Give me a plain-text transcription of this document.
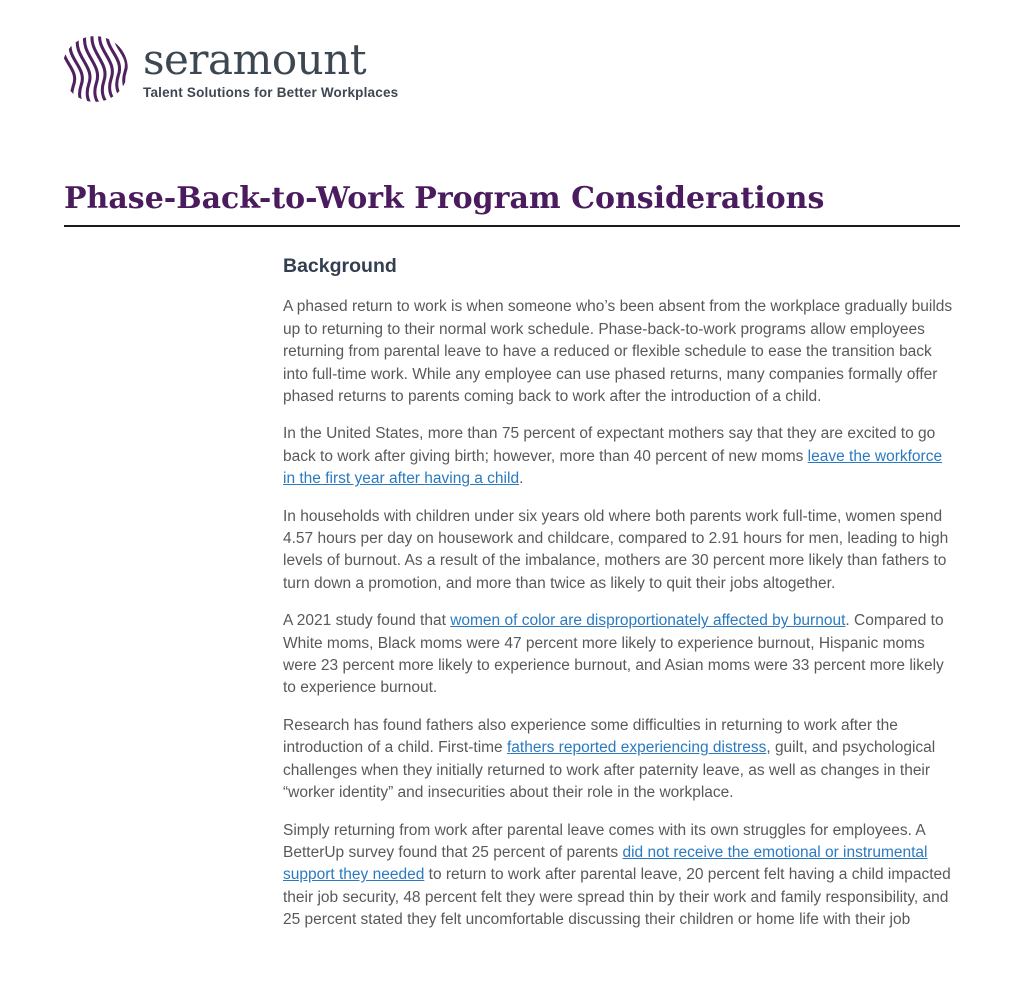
seramount
Talent Solutions for Better Workplaces
Phase-Back-to-Work Program Considerations
Background

A phased return to work is when someone who’s been absent from the workplace gradually builds up to returning to their normal work schedule. Phase-back-to-work programs allow employees returning from parental leave to have a reduced or flexible schedule to ease the transition back into full-time work. While any employee can use phased returns, many companies formally offer phased returns to parents coming back to work after the introduction of a child.

In the United States, more than 75 percent of expectant mothers say that they are excited to go back to work after giving birth; however, more than 40 percent of new moms leave the workforce in the first year after having a child.

In households with children under six years old where both parents work full-time, women spend 4.57 hours per day on housework and childcare, compared to 2.91 hours for men, leading to high levels of burnout. As a result of the imbalance, mothers are 30 percent more likely than fathers to turn down a promotion, and more than twice as likely to quit their jobs altogether.

A 2021 study found that women of color are disproportionately affected by burnout. Compared to White moms, Black moms were 47 percent more likely to experience burnout, Hispanic moms were 23 percent more likely to experience burnout, and Asian moms were 33 percent more likely to experience burnout.

Research has found fathers also experience some difficulties in returning to work after the introduction of a child. First-time fathers reported experiencing distress, guilt, and psychological challenges when they initially returned to work after paternity leave, as well as changes in their “worker identity” and insecurities about their role in the workplace.

Simply returning from work after parental leave comes with its own struggles for employees. A BetterUp survey found that 25 percent of parents did not receive the emotional or instrumental support they needed to return to work after parental leave, 20 percent felt having a child impacted their job security, 48 percent felt they were spread thin by their work and family responsibility, and 25 percent stated they felt uncomfortable discussing their children or home life with their job
